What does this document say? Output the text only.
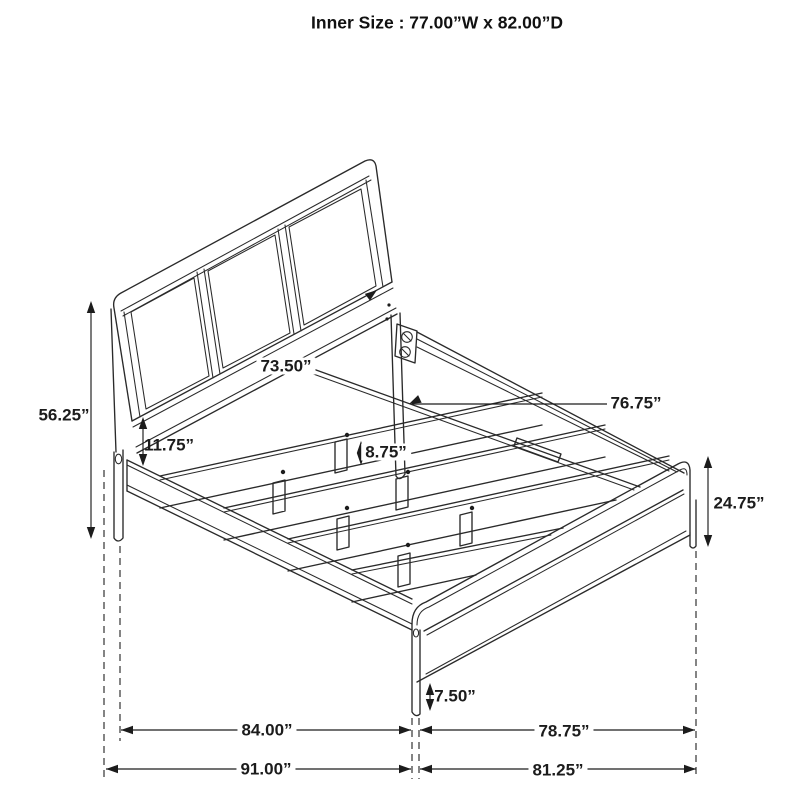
Inner Size : 77.00”W x 82.00”D
56.25”
11.75”
73.50”
8.75”
76.75”
24.75”
7.50”
84.00”	78.75”
91.00”	81.25”
